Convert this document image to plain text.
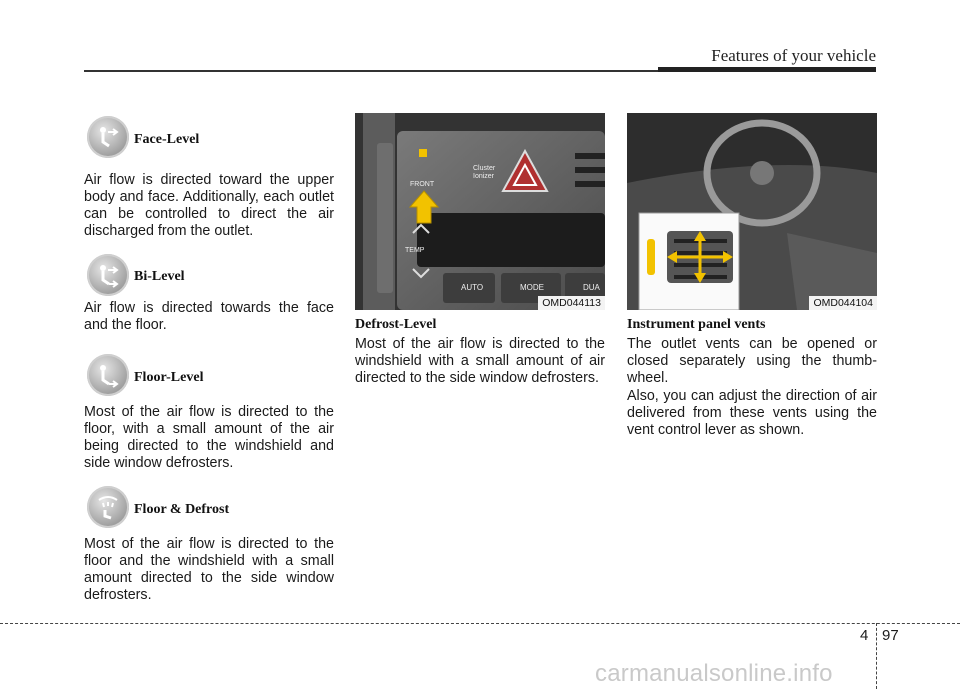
Features of your vehicle
Face-Level
Air flow is directed toward the upper body and face. Additionally, each outlet can be controlled to direct the air discharged from the outlet.
Bi-Level
Air flow is directed towards the face and the floor.
Floor-Level
Most of the air flow is directed to the floor, with a small amount of the air being directed to the windshield and side window defrosters.
Floor & Defrost
Most of the air flow is directed to the floor and the windshield with a small amount directed to the side window defrosters.
FRONT
TEMP
Cluster
Ionizer
AUTO	MODE	DUA
OMD044113
Defrost-Level
Most of the air flow is directed to the windshield with a small amount of air directed to the side window defrosters.
OMD044104
Instrument panel vents
The outlet vents can be opened or closed separately using the thumb-wheel.
Also, you can adjust the direction of air delivered from these vents using the vent control lever as shown.
4 97
carmanualsonline.info
